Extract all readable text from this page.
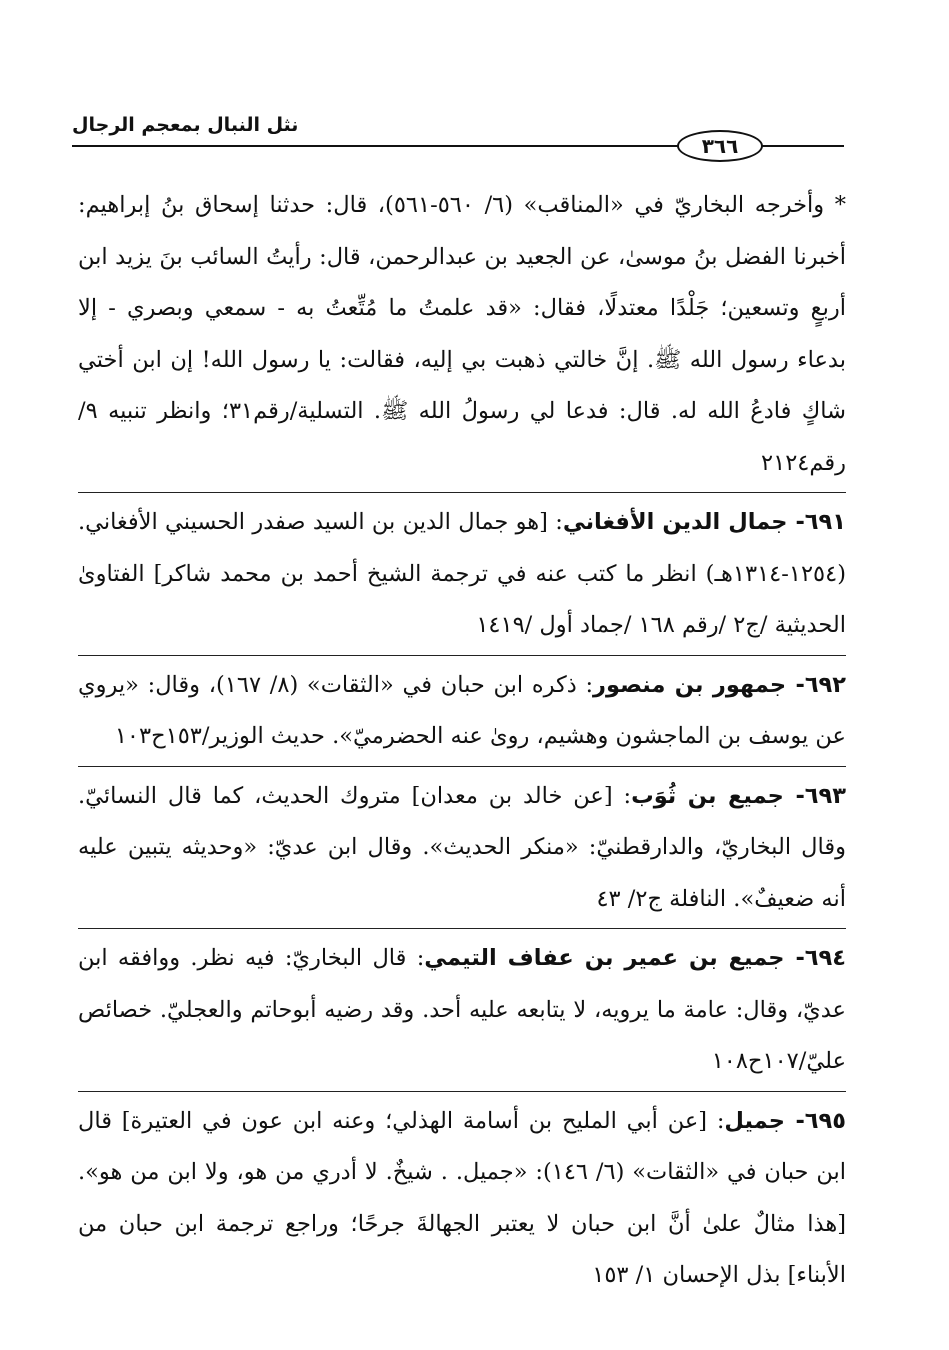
نثل النبال بمعجم الرجال
٣٦٦

* وأخرجه البخاريّ في «المناقب» (٦/ ٥٦٠-٥٦١)، قال: حدثنا إسحاق بنُ إبراهيم: أخبرنا الفضل بنُ موسىٰ، عن الجعيد بن عبدالرحمن، قال: رأيتُ السائب بنَ يزيد ابن أربعٍ وتسعين؛ جَلْدًا معتدلًا، فقال: «قد علمتُ ما مُتِّعتُ به - سمعي وبصري - إلا بدعاء رسول الله ﷺ. إنَّ خالتي ذهبت بي إليه، فقالت: يا رسول الله! إن ابن أختي شاكٍ فادعُ الله له. قال: فدعا لي رسولُ الله ﷺ. التسلية/رقم٣١؛ وانظر تنبيه ٩/رقم٢١٢٤

٦٩١- جمال الدين الأفغاني: [هو جمال الدين بن السيد صفدر الحسيني الأفغاني. (١٢٥٤-١٣١٤هـ) انظر ما كتب عنه في ترجمة الشيخ أحمد بن محمد شاكر] الفتاوىٰ الحديثية /ج٢ /رقم ١٦٨ /جماد أول /١٤١٩

٦٩٢- جمهور بن منصور: ذكره ابن حبان في «الثقات» (٨/ ١٦٧)، وقال: «يروي عن يوسف بن الماجشون وهشيم، روىٰ عنه الحضرميّ». حديث الوزير/١٥٣ح١٠٣

٦٩٣- جميع بن ثُوَب: [عن خالد بن معدان] متروك الحديث، كما قال النسائيّ. وقال البخاريّ، والدارقطنيّ: «منكر الحديث». وقال ابن عديّ: «وحديثه يتبين عليه أنه ضعيفٌ». النافلة ج٢/ ٤٣

٦٩٤- جميع بن عمير بن عفاف التيمي: قال البخاريّ: فيه نظر. ووافقه ابن عديّ، وقال: عامة ما يرويه، لا يتابعه عليه أحد. وقد رضيه أبوحاتم والعجليّ. خصائص عليّ/١٠٧ح١٠٨

٦٩٥- جميل: [عن أبي المليح بن أسامة الهذلي؛ وعنه ابن عون في العتيرة] قال ابن حبان في «الثقات» (٦/ ١٤٦): «جميل. . شيخٌ. لا أدري من هو، ولا ابن من هو». [هذا مثالٌ علىٰ أنَّ ابن حبان لا يعتبر الجهالةَ جرحًا؛ وراجع ترجمة ابن حبان من الأبناء] بذل الإحسان ١/ ١٥٣
